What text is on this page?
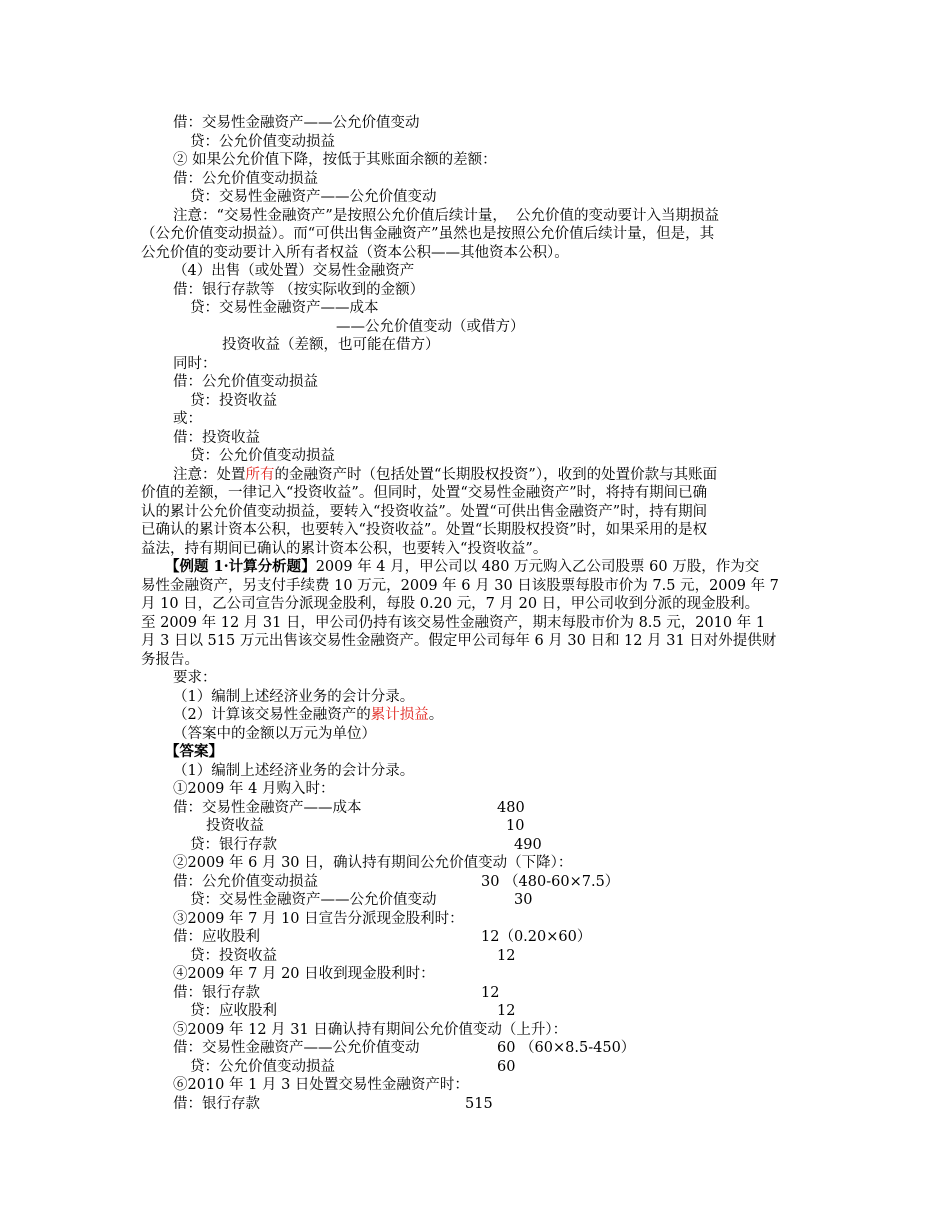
借：交易性金融资产——公允价值变动
贷：公允价值变动损益
② 如果公允价值下降，按低于其账面余额的差额：
借：公允价值变动损益
贷：交易性金融资产——公允价值变动
注意：“交易性金融资产”是按照公允价值后续计量，  公允价值的变动要计入当期损益
（公允价值变动损益）。而“可供出售金融资产”虽然也是按照公允价值后续计量，但是，其
公允价值的变动要计入所有者权益（资本公积——其他资本公积）。
（4）出售（或处置）交易性金融资产
借：银行存款等 （按实际收到的金额）
贷：交易性金融资产——成本
——公允价值变动（或借方）
投资收益（差额，也可能在借方）
同时：
借：公允价值变动损益
贷：投资收益
或：
借：投资收益
贷：公允价值变动损益
注意：处置所有的金融资产时（包括处置“长期股权投资”），收到的处置价款与其账面
价值的差额，一律记入“投资收益”。但同时，处置“交易性金融资产”时，将持有期间已确
认的累计公允价值变动损益，要转入“投资收益”。处置“可供出售金融资产”时，持有期间
已确认的累计资本公积，也要转入“投资收益”。处置“长期股权投资”时，如果采用的是权
益法，持有期间已确认的累计资本公积，也要转入“投资收益”。
【例题 1·计算分析题】2009 年 4 月，甲公司以 480 万元购入乙公司股票 60 万股，作为交
易性金融资产，另支付手续费 10 万元，2009 年 6 月 30 日该股票每股市价为 7.5 元，2009 年 7
月 10 日，乙公司宣告分派现金股利，每股 0.20 元，7 月 20 日，甲公司收到分派的现金股利。
至 2009 年 12 月 31 日，甲公司仍持有该交易性金融资产，期末每股市价为 8.5 元，2010 年 1
月 3 日以 515 万元出售该交易性金融资产。假定甲公司每年 6 月 30 日和 12 月 31 日对外提供财
务报告。
要求：
（1）编制上述经济业务的会计分录。
（2）计算该交易性金融资产的累计损益。
（答案中的金额以万元为单位）
【答案】
（1）编制上述经济业务的会计分录。
①2009 年 4 月购入时：
借：交易性金融资产——成本	480
投资收益	10
贷：银行存款	490
②2009 年 6 月 30 日，确认持有期间公允价值变动（下降）：
借：公允价值变动损益	30 （480-60×7.5）
贷：交易性金融资产——公允价值变动	30
③2009 年 7 月 10 日宣告分派现金股利时：
借：应收股利	12（0.20×60）
贷：投资收益	12
④2009 年 7 月 20 日收到现金股利时：
借：银行存款	12
贷：应收股利	12
⑤2009 年 12 月 31 日确认持有期间公允价值变动（上升）：
借：交易性金融资产——公允价值变动	60 （60×8.5-450）
贷：公允价值变动损益	60
⑥2010 年 1 月 3 日处置交易性金融资产时：
借：银行存款	515
